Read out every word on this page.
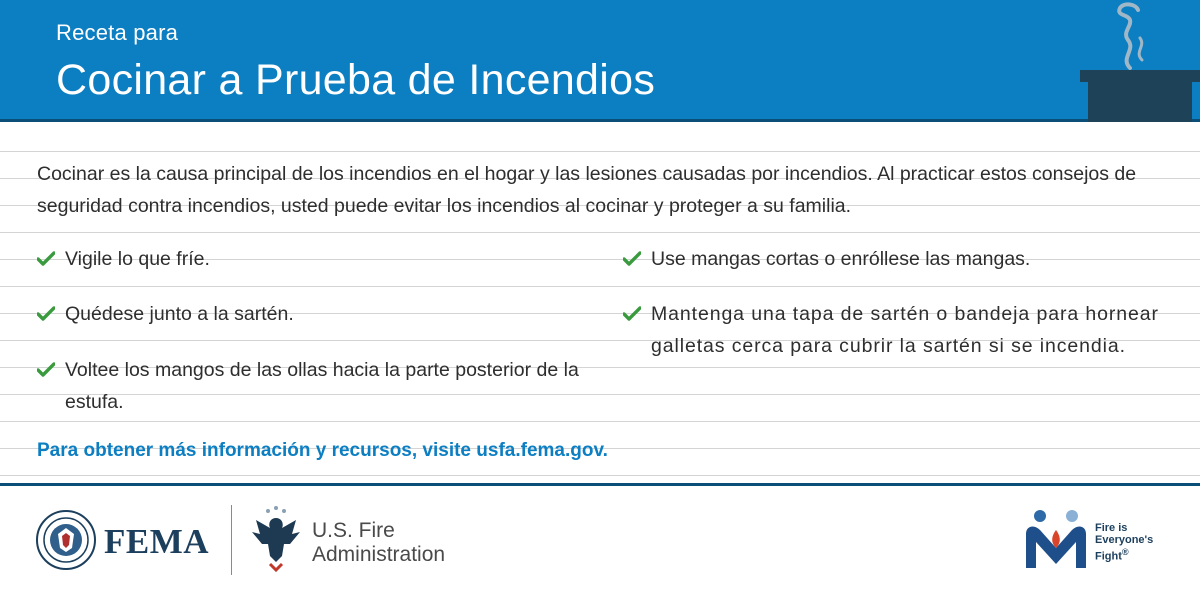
Receta para
Cocinar a Prueba de Incendios

Cocinar es la causa principal de los incendios en el hogar y las lesiones causadas por incendios. Al practicar estos consejos de seguridad contra incendios, usted puede evitar los incendios al cocinar y proteger a su familia.

Vigile lo que fríe.
Quédese junto a la sartén.
Voltee los mangos de las ollas hacia la parte posterior de la estufa.
Use mangas cortas o enróllese las mangas.
Mantenga una tapa de sartén o bandeja para hornear galletas cerca para cubrir la sartén si se incendia.
Para obtener más información y recursos, visite usfa.fema.gov.
FEMA	U.S. Fire
Administration
Fire is
Everyone's
Fight®
